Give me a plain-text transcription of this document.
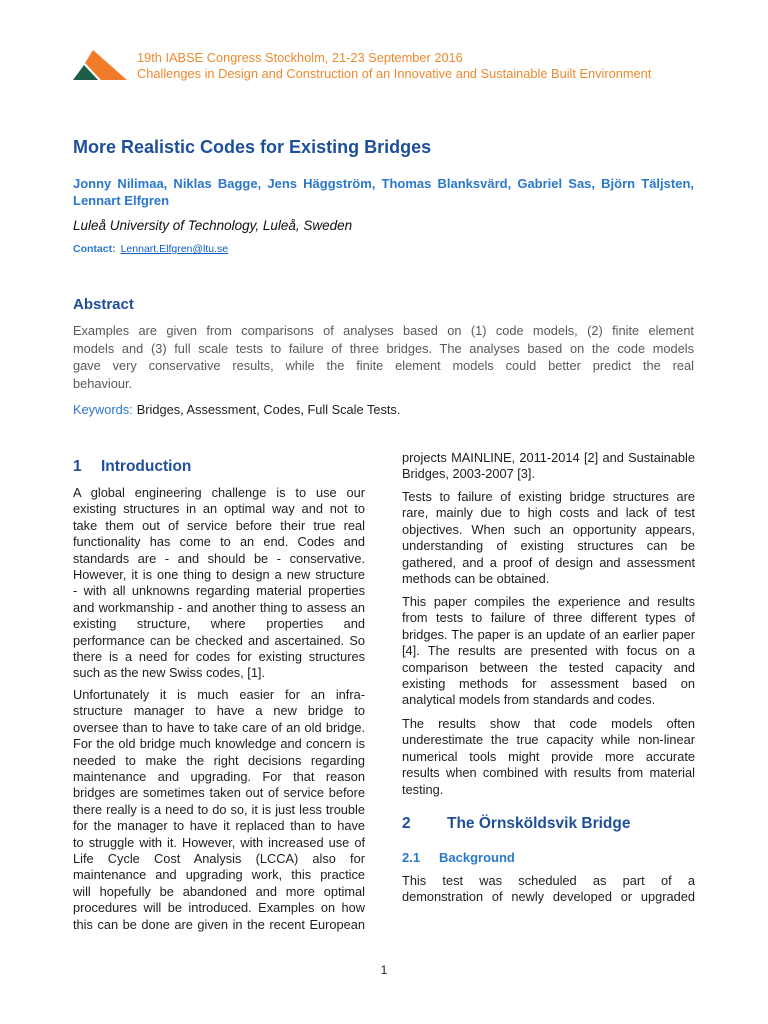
19th IABSE Congress Stockholm, 21-23 September 2016
Challenges in Design and Construction of an Innovative and Sustainable Built Environment
More Realistic Codes for Existing Bridges
Jonny Nilimaa, Niklas Bagge, Jens Häggström, Thomas Blanksvärd, Gabriel Sas, Björn Täljsten,
Lennart Elfgren
Luleå University of Technology, Luleå, Sweden
Contact: Lennart.Elfgren@ltu.se
Abstract
Examples are given from comparisons of analyses based on (1) code models, (2) finite element
models and (3) full scale tests to failure of three bridges. The analyses based on the code models
gave very conservative results, while the finite element models could better predict the real
behaviour.
Keywords: Bridges, Assessment, Codes, Full Scale Tests.
1 Introduction
A global engineering challenge is to use our
existing structures in an optimal way and not to
take them out of service before their true real
functionality has come to an end. Codes and
standards are - and should be - conservative.
However, it is one thing to design a new structure
- with all unknowns regarding material properties
and workmanship - and another thing to assess an
existing structure, where properties and
performance can be checked and ascertained. So
there is a need for codes for existing structures
such as the new Swiss codes, [1].
Unfortunately it is much easier for an infra-
structure manager to have a new bridge to
oversee than to have to take care of an old bridge.
For the old bridge much knowledge and concern is
needed to make the right decisions regarding
maintenance and upgrading. For that reason
bridges are sometimes taken out of service before
there really is a need to do so, it is just less trouble
for the manager to have it replaced than to have
to struggle with it. However, with increased use of
Life Cycle Cost Analysis (LCCA) also for
maintenance and upgrading work, this practice
will hopefully be abandoned and more optimal
procedures will be introduced. Examples on how
this can be done are given in the recent European
projects MAINLINE, 2011-2014 [2] and Sustainable
Bridges, 2003-2007 [3].
Tests to failure of existing bridge structures are
rare, mainly due to high costs and lack of test
objectives. When such an opportunity appears,
understanding of existing structures can be
gathered, and a proof of design and assessment
methods can be obtained.
This paper compiles the experience and results
from tests to failure of three different types of
bridges. The paper is an update of an earlier paper
[4]. The results are presented with focus on a
comparison between the tested capacity and
existing methods for assessment based on
analytical models from standards and codes.
The results show that code models often
underestimate the true capacity while non-linear
numerical tools might provide more accurate
results when combined with results from material
testing.
2 The Örnsköldsvik Bridge
2.1 Background
This test was scheduled as part of a
demonstration of newly developed or upgraded
1
